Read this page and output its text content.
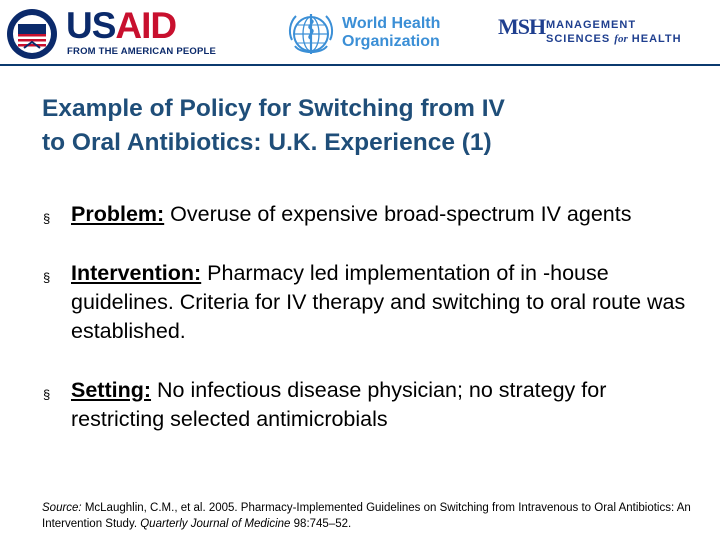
USAID
FROM THE AMERICAN PEOPLE
World Health
Organization
MSH MANAGEMENT
SCIENCES for HEALTH
Example of Policy for Switching from IV
to Oral Antibiotics: U.K. Experience (1)
§ Problem: Overuse of expensive broad-spectrum IV agents
§ Intervention: Pharmacy led implementation of in -house guidelines. Criteria for IV therapy and switching to oral route was established.
§ Setting: No infectious disease physician; no strategy for restricting selected antimicrobials
Source: McLaughlin, C.M., et al. 2005. Pharmacy-Implemented Guidelines on Switching from Intravenous to Oral Antibiotics: An Intervention Study. Quarterly Journal of Medicine 98:745–52.
